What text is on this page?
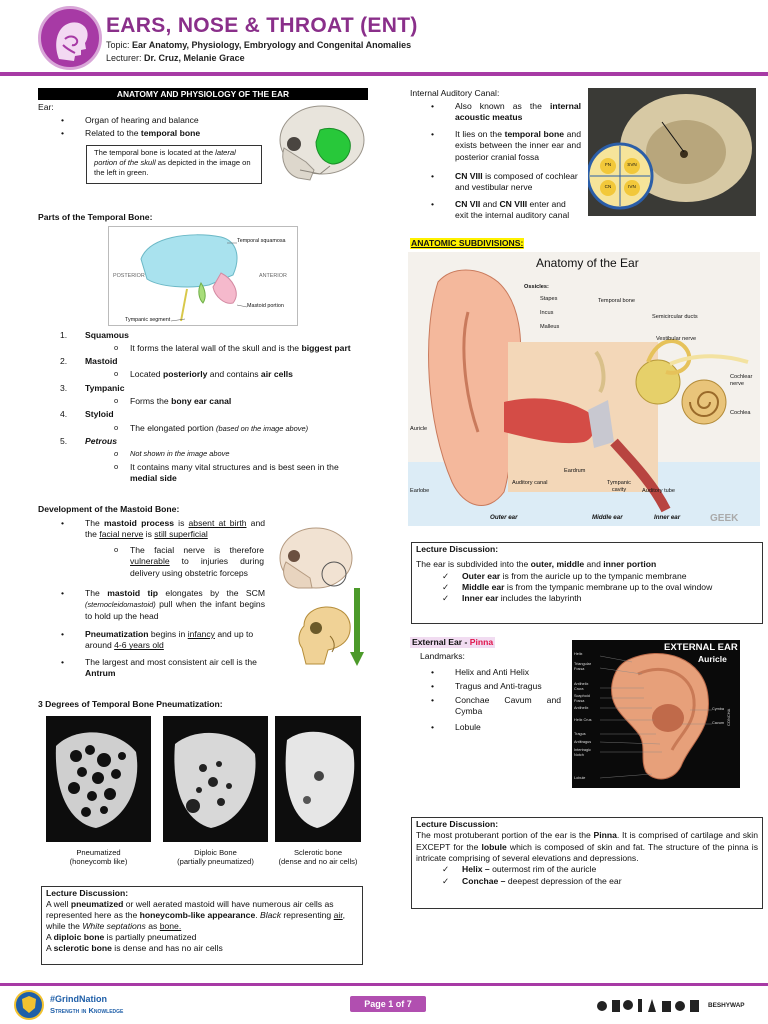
EARS, NOSE & THROAT (ENT)
Topic: Ear Anatomy, Physiology, Embryology and Congenital Anomalies
Lecturer: Dr. Cruz, Melanie Grace
ANATOMY AND PHYSIOLOGY OF THE EAR
Ear:
• Organ of hearing and balance
• Related to the temporal bone
The temporal bone is located at the lateral portion of the skull as depicted in the image on the left in green.
Parts of the Temporal Bone:
Temporal squamosa
POSTERIOR	ANTERIOR
Mastoid portion
Tympanic segment
1. Squamous
o It forms the lateral wall of the skull and is the biggest part
2. Mastoid
o Located posteriorly and contains air cells
3. Tympanic
o Forms the bony ear canal
4. Styloid
o The elongated portion (based on the image above)
5. Petrous
o Not shown in the image above
o It contains many vital structures and is best seen in the medial side
Development of the Mastoid Bone:
• The mastoid process is absent at birth and the facial nerve is still superficial
o The facial nerve is therefore vulnerable to injuries during delivery using obstetric forceps
• The mastoid tip elongates by the SCM (sternocleidomastoid) pull when the infant begins to hold up the head
• Pneumatization begins in infancy and up to around 4-6 years old
• The largest and most consistent air cell is the Antrum
3 Degrees of Temporal Bone Pneumatization:
Pneumatized
(honeycomb like)
Diploic Bone
(partially pneumatized)
Sclerotic bone
(dense and no air cells)
Lecture Discussion:
A well pneumatized or well aerated mastoid will have numerous air cells as represented here as the honeycomb-like appearance. Black representing air, while the White septations as bone.
A diploic bone is partially pneumatized
A sclerotic bone is dense and has no air cells
Internal Auditory Canal:
• Also known as the internal acoustic meatus
• It lies on the temporal bone and exists between the inner ear and posterior cranial fossa
• CN VIII is composed of cochlear and vestibular nerve
• CN VII and CN VIII enter and exit the internal auditory canal
FN	SVN
CN	IVN
ANATOMIC SUBDIVISIONS:
Anatomy of the Ear
Ossicles:
Stapes
Incus
Malleus
Temporal bone
Semicircular ducts
Vestibular nerve
Cochlear nerve
Cochlea
Auricle
Eardrum
Tympanic cavity	Auditory tube
Auditory canal
Earlobe
Outer ear	Middle ear	Inner ear	GEEK
Lecture Discussion:
The ear is subdivided into the outer, middle and inner portion
✓ Outer ear is from the auricle up to the tympanic membrane
✓ Middle ear is from the tympanic membrane up to the oval window
✓ Inner ear includes the labyrinth
External Ear - Pinna
Landmarks:
• Helix and Anti Helix
• Tragus and Anti-tragus
• Conchae Cavum and Cymba
• Lobule
EXTERNAL EAR
Auricle
Helix
Triangular Fossa
Antihelix Crura
Scaphoid Fossa
Antihelix
Helix Crus
Tragus
Antitragus
Intertragic Notch
Lobule
Cymba
Cavum CONCHA
Lecture Discussion:
The most protuberant portion of the ear is the Pinna. It is comprised of cartilage and skin EXCEPT for the lobule which is composed of skin and fat. The structure of the pinna is intricate comprising of several elevations and depressions.
✓ Helix – outermost rim of the auricle
✓ Conchae – deepest depression of the ear
#GrindNation
Strength in Knowledge
Page 1 of 7	BESHYWAP
